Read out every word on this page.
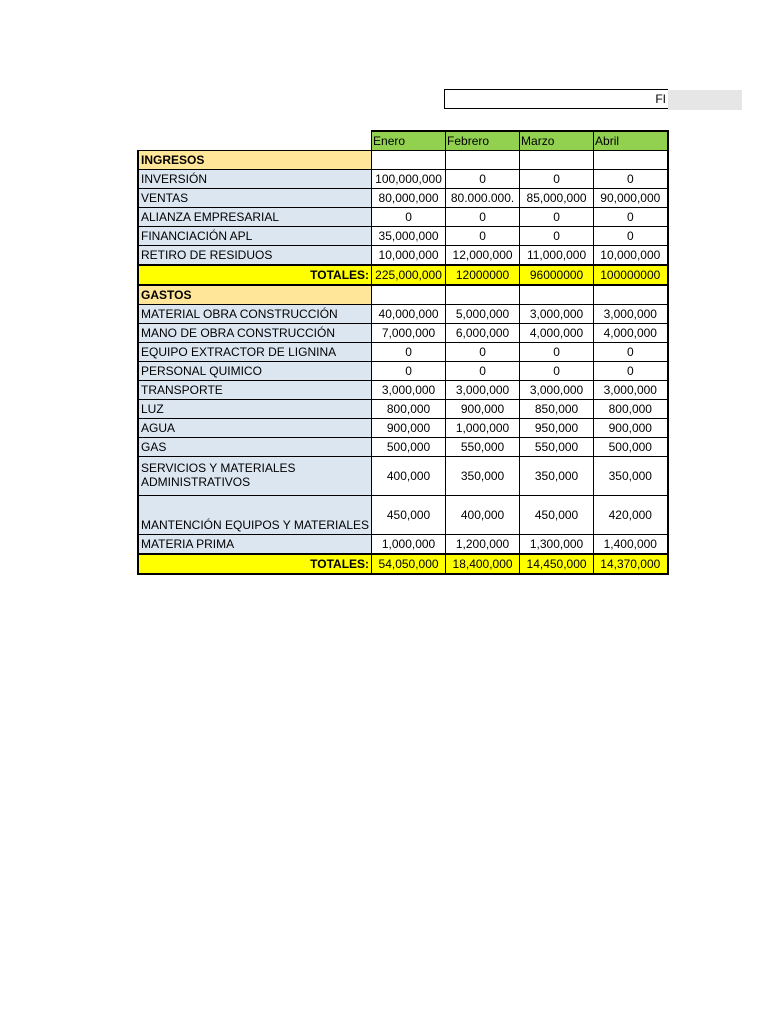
FI
	Enero	Febrero	Marzo	Abril
INGRESOS				
INVERSIÓN	100,000,000	0	0	0
VENTAS	80,000,000	80.000.000.	85,000,000	90,000,000
ALIANZA EMPRESARIAL	0	0	0	0
FINANCIACIÓN APL	35,000,000	0	0	0
RETIRO DE RESIDUOS	10,000,000	12,000,000	11,000,000	10,000,000
TOTALES:	225,000,000	12000000	96000000	100000000
GASTOS				
MATERIAL OBRA CONSTRUCCIÓN	40,000,000	5,000,000	3,000,000	3,000,000
MANO DE OBRA CONSTRUCCIÓN	7,000,000	6,000,000	4,000,000	4,000,000
EQUIPO EXTRACTOR DE LIGNINA	0	0	0	0
PERSONAL QUIMICO	0	0	0	0
TRANSPORTE	3,000,000	3,000,000	3,000,000	3,000,000
LUZ	800,000	900,000	850,000	800,000
AGUA	900,000	1,000,000	950,000	900,000
GAS	500,000	550,000	550,000	500,000
SERVICIOS Y MATERIALES ADMINISTRATIVOS	400,000	350,000	350,000	350,000
MANTENCIÓN EQUIPOS Y MATERIALES	450,000	400,000	450,000	420,000
MATERIA PRIMA	1,000,000	1,200,000	1,300,000	1,400,000
TOTALES:	54,050,000	18,400,000	14,450,000	14,370,000
